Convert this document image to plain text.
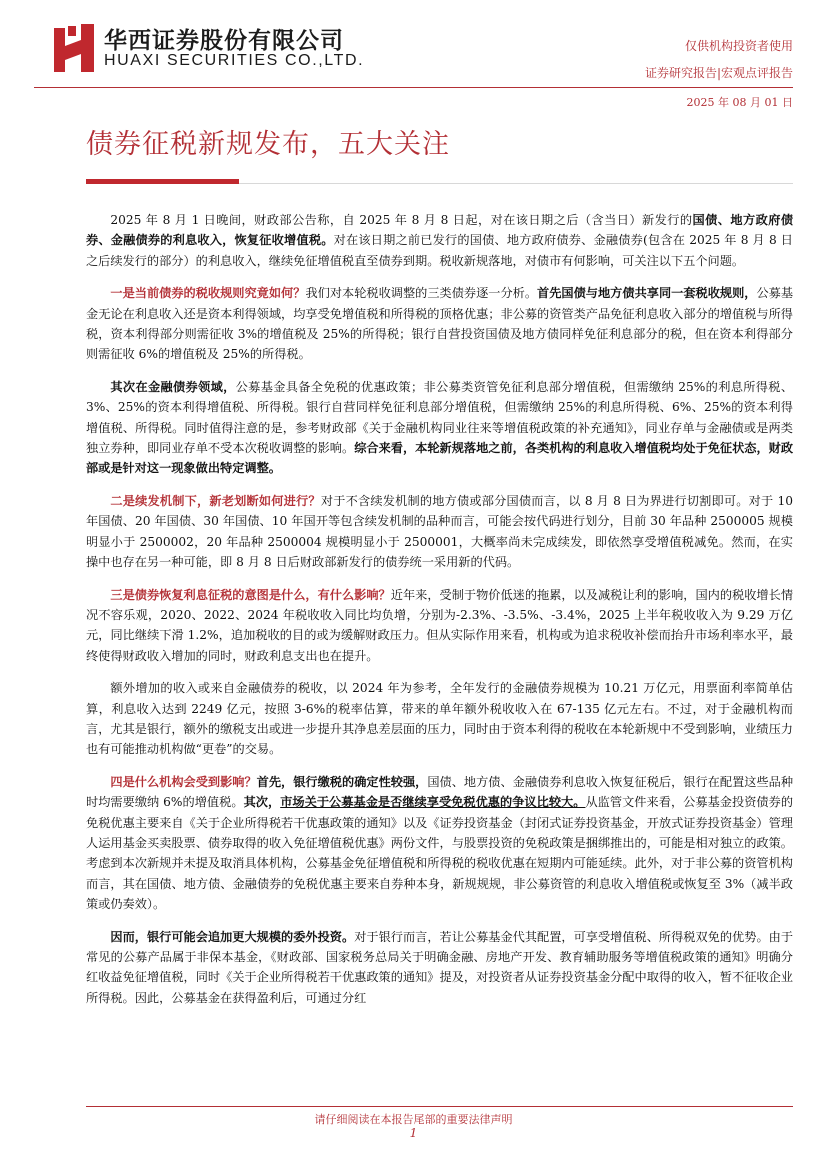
华西证券股份有限公司
HUAXI SECURITIES CO.,LTD.
仅供机构投资者使用
证券研究报告|宏观点评报告
2025 年 08 月 01 日
债券征税新规发布，五大关注

2025 年 8 月 1 日晚间，财政部公告称，自 2025 年 8 月 8 日起，对在该日期之后（含当日）新发行的国债、地方政府债券、金融债券的利息收入，恢复征收增值税。对在该日期之前已发行的国债、地方政府债券、金融债券(包含在 2025 年 8 月 8 日之后续发行的部分）的利息收入，继续免征增值税直至债券到期。税收新规落地，对债市有何影响，可关注以下五个问题。

一是当前债券的税收规则究竟如何？我们对本轮税收调整的三类债券逐一分析。首先国债与地方债共享同一套税收规则，公募基金无论在利息收入还是资本利得领域，均享受免增值税和所得税的顶格优惠；非公募的资管类产品免征利息收入部分的增值税与所得税，资本利得部分则需征收 3%的增值税及 25%的所得税；银行自营投资国债及地方债同样免征利息部分的税，但在资本利得部分则需征收 6%的增值税及 25%的所得税。

其次在金融债券领域，公募基金具备全免税的优惠政策；非公募类资管免征利息部分增值税，但需缴纳 25%的利息所得税、3%、25%的资本利得增值税、所得税。银行自营同样免征利息部分增值税，但需缴纳 25%的利息所得税、6%、25%的资本利得增值税、所得税。同时值得注意的是，参考财政部《关于金融机构同业往来等增值税政策的补充通知》，同业存单与金融债或是两类独立券种，即同业存单不受本次税收调整的影响。综合来看，本轮新规落地之前，各类机构的利息收入增值税均处于免征状态，财政部或是针对这一现象做出特定调整。

二是续发机制下，新老划断如何进行？对于不含续发机制的地方债或部分国债而言，以 8 月 8 日为界进行切割即可。对于 10 年国债、20 年国债、30 年国债、10 年国开等包含续发机制的品种而言，可能会按代码进行划分，目前 30 年品种 2500005 规模明显小于 2500002，20 年品种 2500004 规模明显小于 2500001，大概率尚未完成续发，即依然享受增值税减免。然而，在实操中也存在另一种可能，即 8 月 8 日后财政部新发行的债券统一采用新的代码。

三是债券恢复利息征税的意图是什么，有什么影响？近年来，受制于物价低迷的拖累，以及减税让利的影响，国内的税收增长情况不容乐观，2020、2022、2024 年税收收入同比均负增，分别为-2.3%、-3.5%、-3.4%，2025 上半年税收收入为 9.29 万亿元，同比继续下滑 1.2%，追加税收的目的或为缓解财政压力。但从实际作用来看，机构或为追求税收补偿而抬升市场利率水平，最终使得财政收入增加的同时，财政利息支出也在提升。

额外增加的收入或来自金融债券的税收，以 2024 年为参考，全年发行的金融债券规模为 10.21 万亿元，用票面利率简单估算，利息收入达到 2249 亿元，按照 3-6%的税率估算，带来的单年额外税收收入在 67-135 亿元左右。不过，对于金融机构而言，尤其是银行，额外的缴税支出或进一步提升其净息差层面的压力，同时由于资本利得的税收在本轮新规中不受到影响，业绩压力也有可能推动机构做“更卷”的交易。

四是什么机构会受到影响？首先，银行缴税的确定性较强，国债、地方债、金融债券利息收入恢复征税后，银行在配置这些品种时均需要缴纳 6%的增值税。其次，市场关于公募基金是否继续享受免税优惠的争议比较大。从监管文件来看，公募基金投资债券的免税优惠主要来自《关于企业所得税若干优惠政策的通知》以及《证券投资基金（封闭式证券投资基金，开放式证券投资基金）管理人运用基金买卖股票、债券取得的收入免征增值税优惠》两份文件，与股票投资的免税政策是捆绑推出的，可能是相对独立的政策。考虑到本次新规并未提及取消具体机构，公募基金免征增值税和所得税的税收优惠在短期内可能延续。此外，对于非公募的资管机构而言，其在国债、地方债、金融债券的免税优惠主要来自券种本身，新规规规，非公募资管的利息收入增值税或恢复至 3%（减半政策或仍奏效）。

因而，银行可能会追加更大规模的委外投资。对于银行而言，若让公募基金代其配置，可享受增值税、所得税双免的优势。由于常见的公募产品属于非保本基金，《财政部、国家税务总局关于明确金融、房地产开发、教育辅助服务等增值税政策的通知》明确分红收益免征增值税，同时《关于企业所得税若干优惠政策的通知》提及，对投资者从证券投资基金分配中取得的收入，暂不征收企业所得税。因此，公募基金在获得盈利后，可通过分红

请仔细阅读在本报告尾部的重要法律声明
1
